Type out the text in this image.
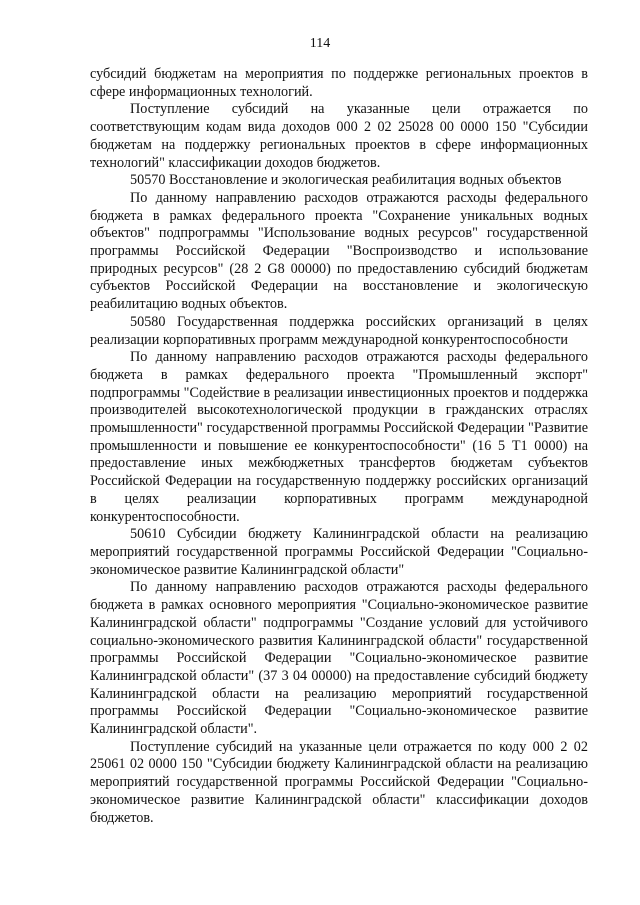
114

субсидий бюджетам на мероприятия по поддержке региональных проектов в сфере информационных технологий.

Поступление субсидий на указанные цели отражается по соответствующим кодам вида доходов 000 2 02 25028 00 0000 150 "Субсидии бюджетам на поддержку региональных проектов в сфере информационных технологий" классификации доходов бюджетов.

50570 Восстановление и экологическая реабилитация водных объектов

По данному направлению расходов отражаются расходы федерального бюджета в рамках федерального проекта "Сохранение уникальных водных объектов" подпрограммы "Использование водных ресурсов" государственной программы Российской Федерации "Воспроизводство и использование природных ресурсов" (28 2 G8 00000) по предоставлению субсидий бюджетам субъектов Российской Федерации на восстановление и экологическую реабилитацию водных объектов.

50580 Государственная поддержка российских организаций в целях реализации корпоративных программ международной конкурентоспособности

По данному направлению расходов отражаются расходы федерального бюджета в рамках федерального проекта "Промышленный экспорт" подпрограммы "Содействие в реализации инвестиционных проектов и поддержка производителей высокотехнологической продукции в гражданских отраслях промышленности" государственной программы Российской Федерации "Развитие промышленности и повышение ее конкурентоспособности" (16 5 T1 0000) на предоставление иных межбюджетных трансфертов бюджетам субъектов Российской Федерации на государственную поддержку российских организаций в целях реализации корпоративных программ международной конкурентоспособности.

50610 Субсидии бюджету Калининградской области на реализацию мероприятий государственной программы Российской Федерации "Социально-экономическое развитие Калининградской области"

По данному направлению расходов отражаются расходы федерального бюджета в рамках основного мероприятия "Социально-экономическое развитие Калининградской области" подпрограммы "Создание условий для устойчивого социально-экономического развития Калининградской области" государственной программы Российской Федерации "Социально-экономическое развитие Калининградской области" (37 3 04 00000) на предоставление субсидий бюджету Калининградской области на реализацию мероприятий государственной программы Российской Федерации "Социально-экономическое развитие Калининградской области".

Поступление субсидий на указанные цели отражается по коду 000 2 02 25061 02 0000 150 "Субсидии бюджету Калининградской области на реализацию мероприятий государственной программы Российской Федерации "Социально-экономическое развитие Калининградской области" классификации доходов бюджетов.
